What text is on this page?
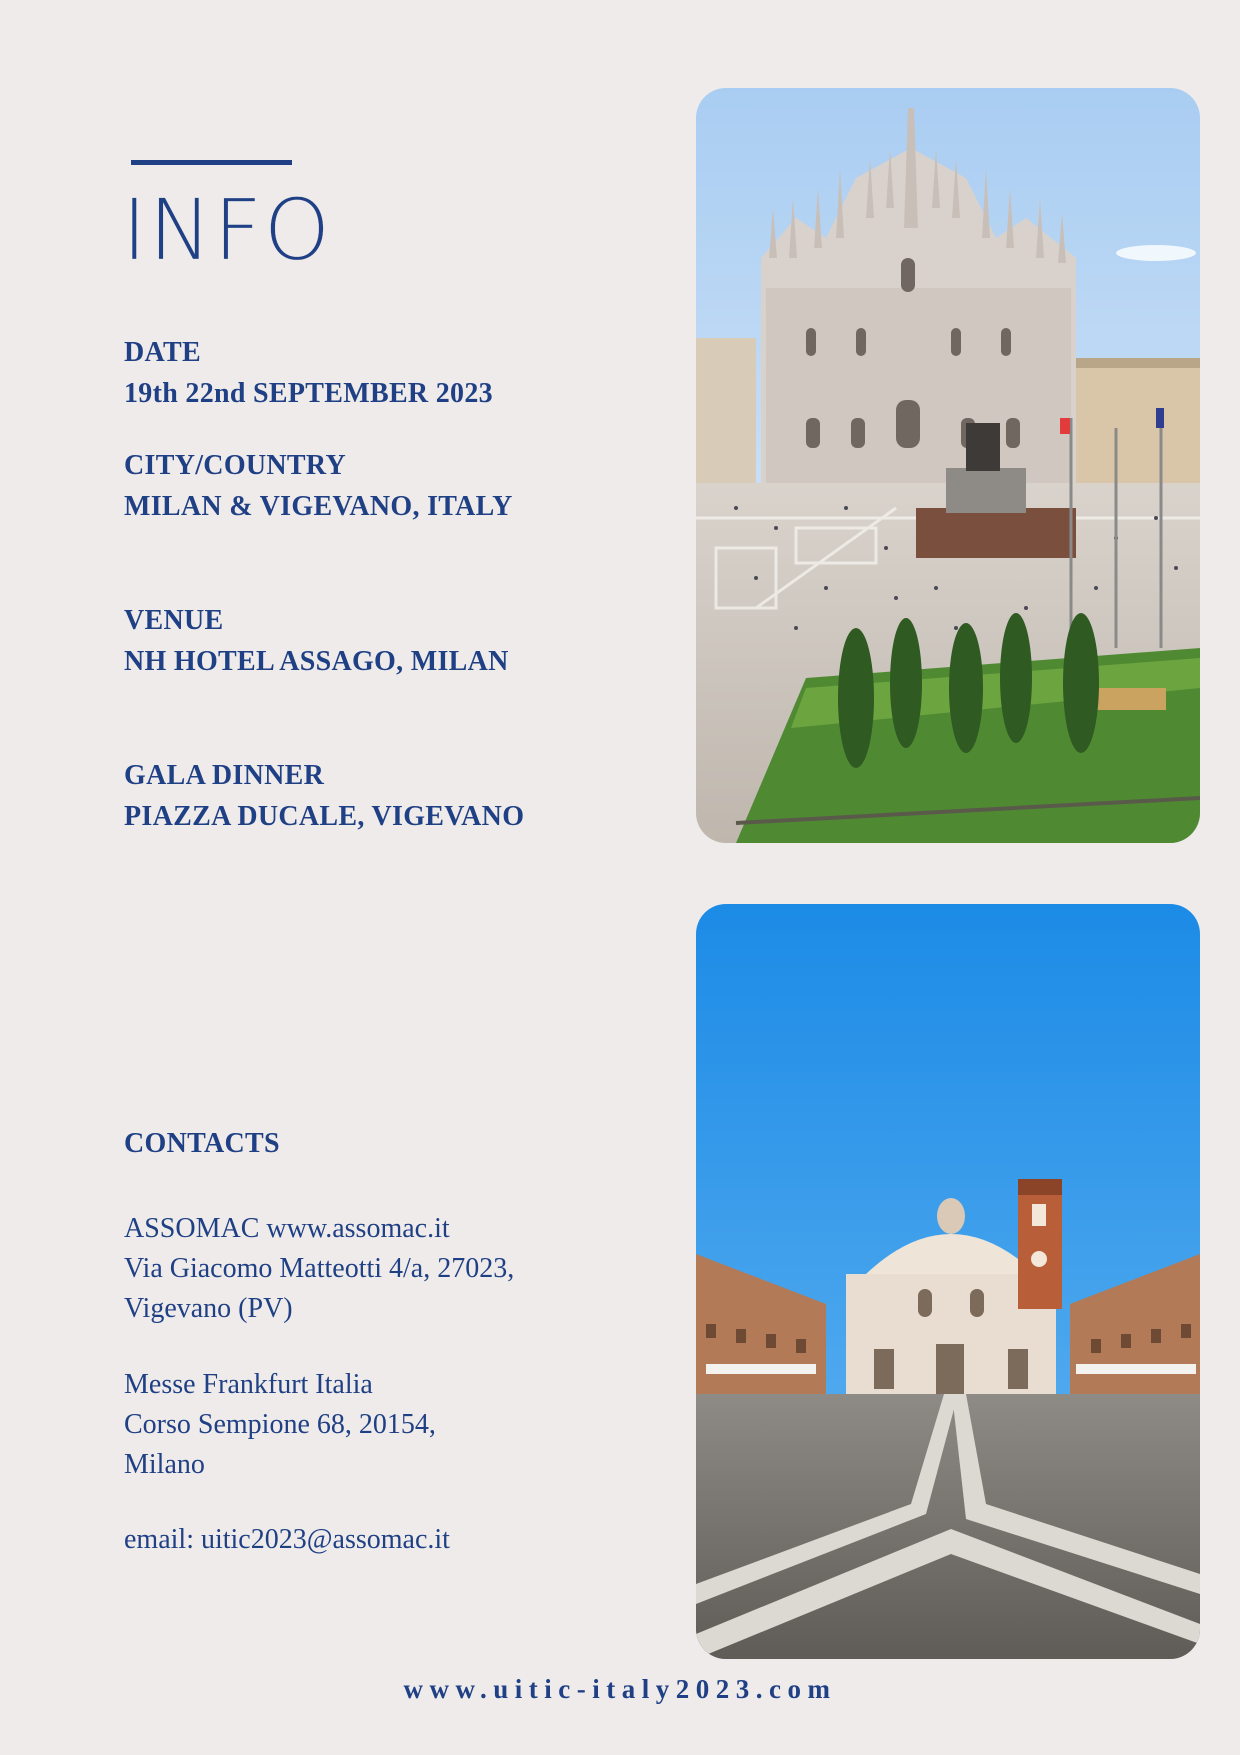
INFO
DATE
19th 22nd SEPTEMBER 2023
CITY/COUNTRY
MILAN & VIGEVANO, ITALY
VENUE
NH HOTEL ASSAGO, MILAN
GALA DINNER
PIAZZA DUCALE, VIGEVANO
CONTACTS
ASSOMAC www.assomac.it
Via Giacomo Matteotti 4/a, 27023,
Vigevano (PV)
Messe Frankfurt Italia
Corso Sempione 68, 20154,
Milano
email: uitic2023@assomac.it
www.uitic-italy2023.com
